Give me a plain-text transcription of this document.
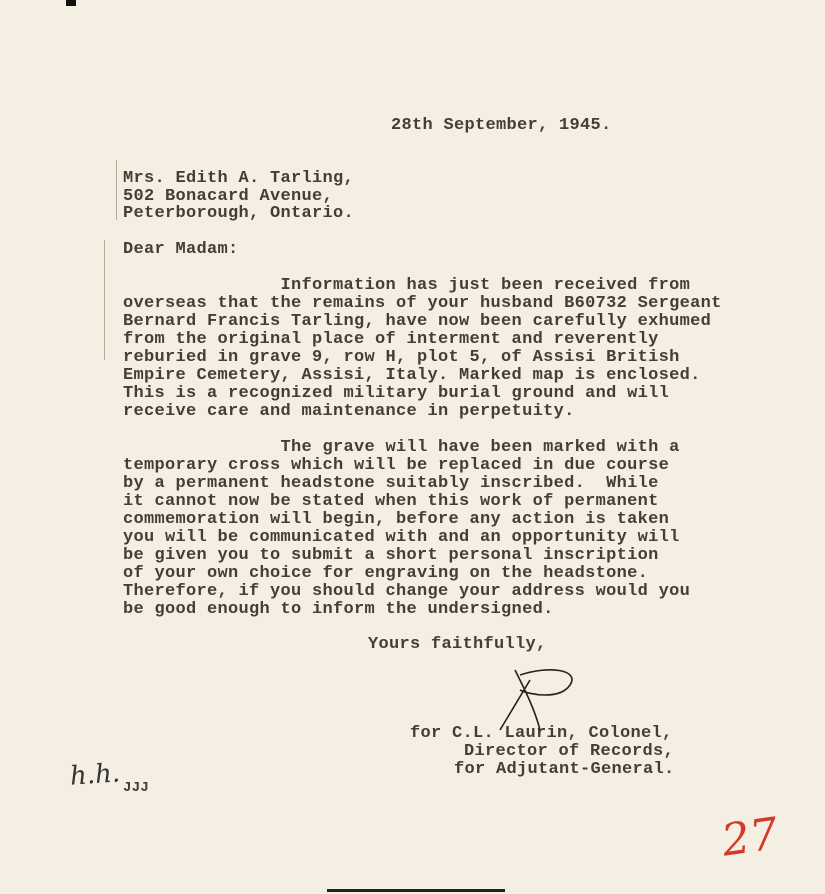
28th September, 1945.
Mrs. Edith A. Tarling,
502 Bonacard Avenue,
Peterborough, Ontario.
Dear Madam:
Information has just been received from
overseas that the remains of your husband B60732 Sergeant
Bernard Francis Tarling, have now been carefully exhumed
from the original place of interment and reverently
reburied in grave 9, row H, plot 5, of Assisi British
Empire Cemetery, Assisi, Italy. Marked map is enclosed.
This is a recognized military burial ground and will
receive care and maintenance in perpetuity.
The grave will have been marked with a
temporary cross which will be replaced in due course
by a permanent headstone suitably inscribed.  While
it cannot now be stated when this work of permanent
commemoration will begin, before any action is taken
you will be communicated with and an opportunity will
be given you to submit a short personal inscription
of your own choice for engraving on the headstone.
Therefore, if you should change your address would you
be good enough to inform the undersigned.
Yours faithfully,
for C.L. Laurin, Colonel,
Director of Records,
for Adjutant-General.
h.h. JJJ
27
